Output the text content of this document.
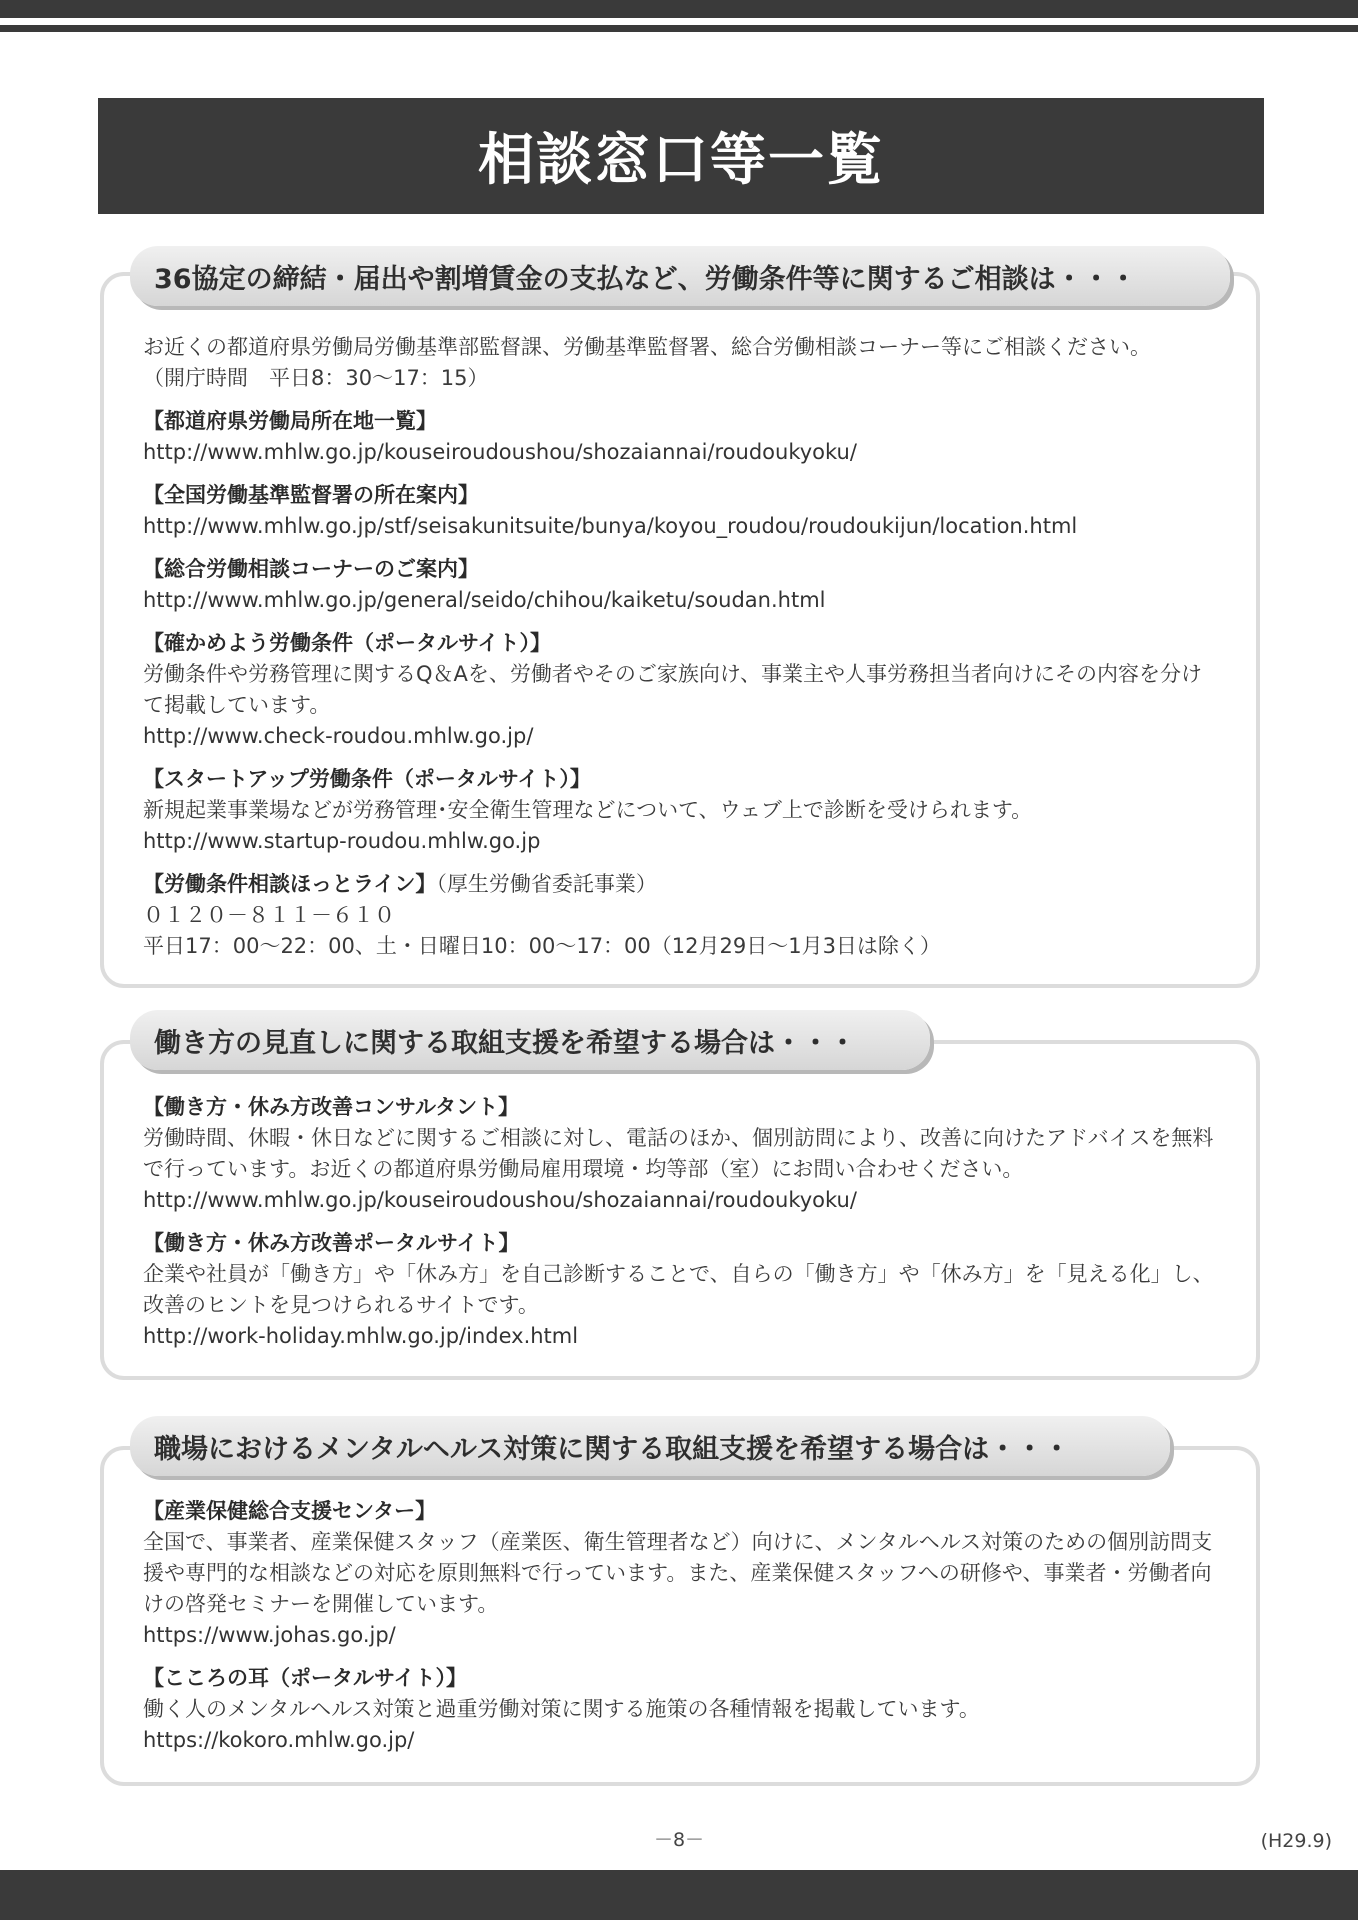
相談窓口等一覧
36協定の締結・届出や割増賃金の支払など、労働条件等に関するご相談は・・・

お近くの都道府県労働局労働基準部監督課、労働基準監督署、総合労働相談コーナー等にご相談ください。

（開庁時間　平日8：30～17：15）

【都道府県労働局所在地一覧】

http://www.mhlw.go.jp/kouseiroudoushou/shozaiannai/roudoukyoku/

【全国労働基準監督署の所在案内】

http://www.mhlw.go.jp/stf/seisakunitsuite/bunya/koyou_roudou/roudoukijun/location.html

【総合労働相談コーナーのご案内】

http://www.mhlw.go.jp/general/seido/chihou/kaiketu/soudan.html

【確かめよう労働条件（ポータルサイト）】

労働条件や労務管理に関するQ＆Aを、労働者やそのご家族向け、事業主や人事労務担当者向けにその内容を分けて掲載しています。

http://www.check-roudou.mhlw.go.jp/

【スタートアップ労働条件（ポータルサイト）】

新規起業事業場などが労務管理･安全衛生管理などについて、ウェブ上で診断を受けられます。

http://www.startup-roudou.mhlw.go.jp

【労働条件相談ほっとライン】（厚生労働省委託事業）

０１２０－８１１－６１０

平日17：00～22：00、土・日曜日10：00～17：00（12月29日～1月3日は除く）

働き方の見直しに関する取組支援を希望する場合は・・・

【働き方・休み方改善コンサルタント】

労働時間、休暇・休日などに関するご相談に対し、電話のほか、個別訪問により、改善に向けたアドバイスを無料で行っています。お近くの都道府県労働局雇用環境・均等部（室）にお問い合わせください。

http://www.mhlw.go.jp/kouseiroudoushou/shozaiannai/roudoukyoku/

【働き方・休み方改善ポータルサイト】

企業や社員が「働き方」や「休み方」を自己診断することで、自らの「働き方」や「休み方」を「見える化」し、改善のヒントを見つけられるサイトです。

http://work-holiday.mhlw.go.jp/index.html

職場におけるメンタルヘルス対策に関する取組支援を希望する場合は・・・

【産業保健総合支援センター】

全国で、事業者、産業保健スタッフ（産業医、衛生管理者など）向けに、メンタルヘルス対策のための個別訪問支援や専門的な相談などの対応を原則無料で行っています。また、産業保健スタッフへの研修や、事業者・労働者向けの啓発セミナーを開催しています。

https://www.johas.go.jp/

【こころの耳（ポータルサイト）】

働く人のメンタルヘルス対策と過重労働対策に関する施策の各種情報を掲載しています。

https://kokoro.mhlw.go.jp/

－8－	(H29.9)
